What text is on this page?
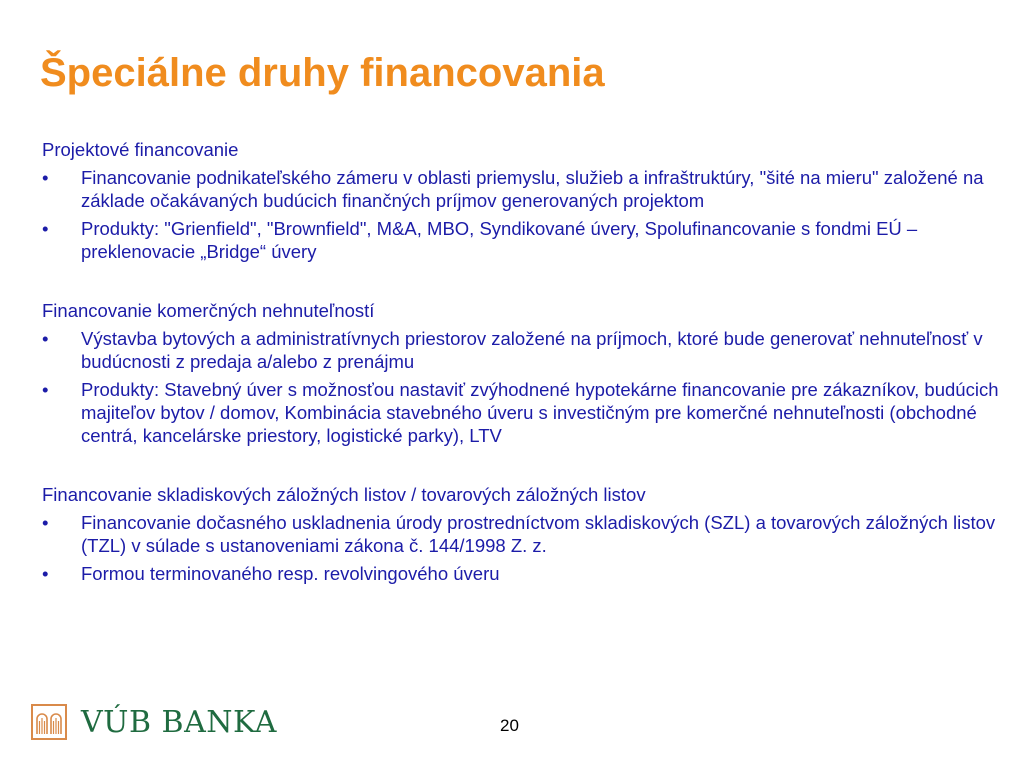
Špeciálne druhy financovania
Projektové financovanie
• Financovanie podnikateľského zámeru v oblasti priemyslu, služieb a infraštruktúry, "šité na mieru" založené na základe očakávaných budúcich finančných príjmov generovaných projektom
• Produkty: "Grienfield", "Brownfield", M&A, MBO, Syndikované úvery, Spolufinancovanie s fondmi EÚ – preklenovacie „Bridge“ úvery
Financovanie komerčných nehnuteľností
• Výstavba bytových a administratívnych priestorov založené na príjmoch, ktoré bude generovať nehnuteľnosť v budúcnosti z predaja a/alebo z prenájmu
• Produkty: Stavebný úver s možnosťou nastaviť zvýhodnené hypotekárne financovanie pre zákazníkov, budúcich majiteľov bytov / domov, Kombinácia stavebného úveru s investičným pre komerčné nehnuteľnosti (obchodné centrá, kancelárske priestory, logistické parky), LTV
Financovanie skladiskových záložných listov / tovarových záložných listov
• Financovanie dočasného uskladnenia úrody prostredníctvom skladiskových (SZL) a tovarových záložných listov (TZL) v súlade s ustanoveniami zákona č. 144/1998 Z. z.
• Formou terminovaného resp. revolvingového úveru
VÚB BANKA	20
